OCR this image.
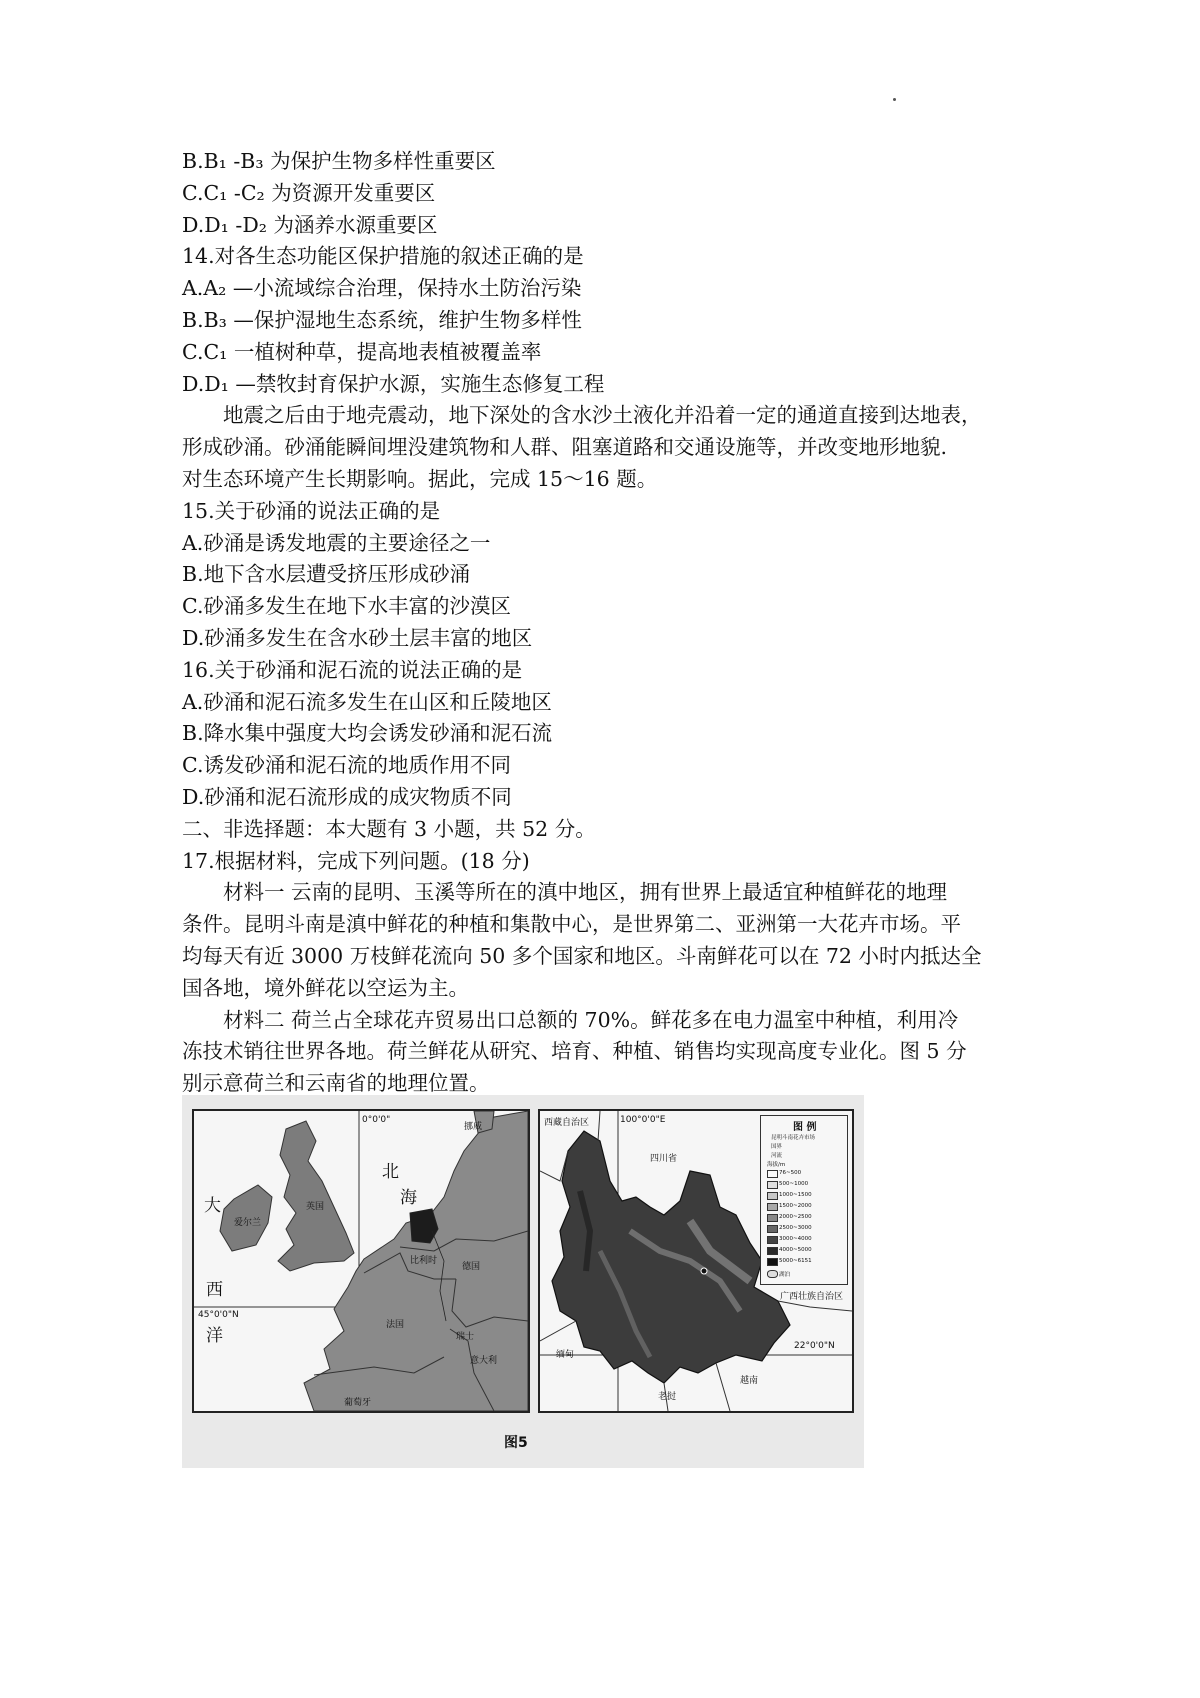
B.B₁ -B₃ 为保护生物多样性重要区
C.C₁ -C₂ 为资源开发重要区
D.D₁ -D₂ 为涵养水源重要区
14.对各生态功能区保护措施的叙述正确的是
A.A₂ —小流域综合治理，保持水土防治污染
B.B₃ —保护湿地生态系统，维护生物多样性
C.C₁ 一植树种草，提高地表植被覆盖率
D.D₁ —禁牧封育保护水源，实施生态修复工程
地震之后由于地壳震动，地下深处的含水沙土液化并沿着一定的通道直接到达地表，
形成砂涌。砂涌能瞬间埋没建筑物和人群、阻塞道路和交通设施等，并改变地形地貌.
对生态环境产生长期影响。据此，完成 15～16 题。
15.关于砂涌的说法正确的是
A.砂涌是诱发地震的主要途径之一
B.地下含水层遭受挤压形成砂涌
C.砂涌多发生在地下水丰富的沙漠区
D.砂涌多发生在含水砂土层丰富的地区
16.关于砂涌和泥石流的说法正确的是
A.砂涌和泥石流多发生在山区和丘陵地区
B.降水集中强度大均会诱发砂涌和泥石流
C.诱发砂涌和泥石流的地质作用不同
D.砂涌和泥石流形成的成灾物质不同
二、非选择题：本大题有 3 小题，共 52 分。
17.根据材料，完成下列问题。(18 分)
材料一 云南的昆明、玉溪等所在的滇中地区，拥有世界上最适宜种植鲜花的地理
条件。昆明斗南是滇中鲜花的种植和集散中心，是世界第二、亚洲第一大花卉市场。平
均每天有近 3000 万枝鲜花流向 50 多个国家和地区。斗南鲜花可以在 72 小时内抵达全
国各地，境外鲜花以空运为主。
材料二 荷兰占全球花卉贸易出口总额的 70%。鲜花多在电力温室中种植，利用冷
冻技术销往世界各地。荷兰鲜花从研究、培育、种植、销售均实现高度专业化。图 5 分
别示意荷兰和云南省的地理位置。
0°0'0"
45°0'0"N
大
西
洋
北
海
爱尔兰
英国
比利时
德国
法国
瑞士
意大利
葡萄牙
挪威	西藏自治区	100°0'0"E
四川省
广西壮族自治区
22°0'0"N
缅甸
老挝
越南
图 例
昆明斗南花卉市场
国界
河流
海拔/m
76~500
500~1000
1000~1500
1500~2000
2000~2500
2500~3000
3000~4000
4000~5000
5000~6151
湖泊
图5
